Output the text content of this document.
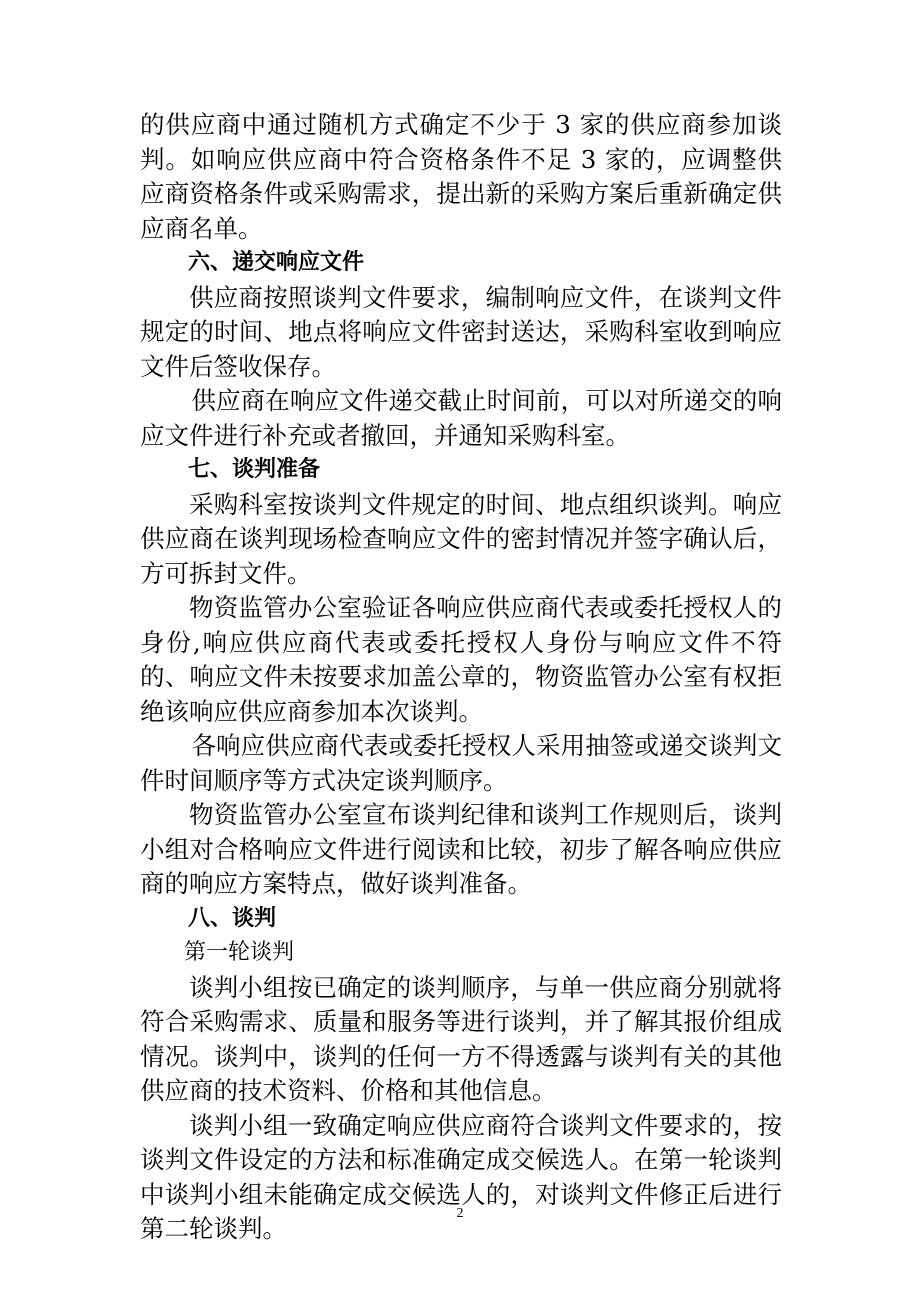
的供应商中通过随机方式确定不少于 3 家的供应商参加谈判。如响应供应商中符合资格条件不足 3 家的，应调整供应商资格条件或采购需求，提出新的采购方案后重新确定供应商名单。

六、递交响应文件

供应商按照谈判文件要求，编制响应文件，在谈判文件规定的时间、地点将响应文件密封送达，采购科室收到响应文件后签收保存。

供应商在响应文件递交截止时间前，可以对所递交的响应文件进行补充或者撤回，并通知采购科室。

七、谈判准备

采购科室按谈判文件规定的时间、地点组织谈判。响应供应商在谈判现场检查响应文件的密封情况并签字确认后，方可拆封文件。

物资监管办公室验证各响应供应商代表或委托授权人的身份,响应供应商代表或委托授权人身份与响应文件不符的、响应文件未按要求加盖公章的，物资监管办公室有权拒绝该响应供应商参加本次谈判。

各响应供应商代表或委托授权人采用抽签或递交谈判文件时间顺序等方式决定谈判顺序。

物资监管办公室宣布谈判纪律和谈判工作规则后，谈判小组对合格响应文件进行阅读和比较，初步了解各响应供应商的响应方案特点，做好谈判准备。

八、谈判

第一轮谈判

谈判小组按已确定的谈判顺序，与单一供应商分别就将符合采购需求、质量和服务等进行谈判，并了解其报价组成情况。谈判中，谈判的任何一方不得透露与谈判有关的其他供应商的技术资料、价格和其他信息。

谈判小组一致确定响应供应商符合谈判文件要求的，按谈判文件设定的方法和标准确定成交候选人。在第一轮谈判中谈判小组未能确定成交候选人的，对谈判文件修正后进行第二轮谈判。

2
